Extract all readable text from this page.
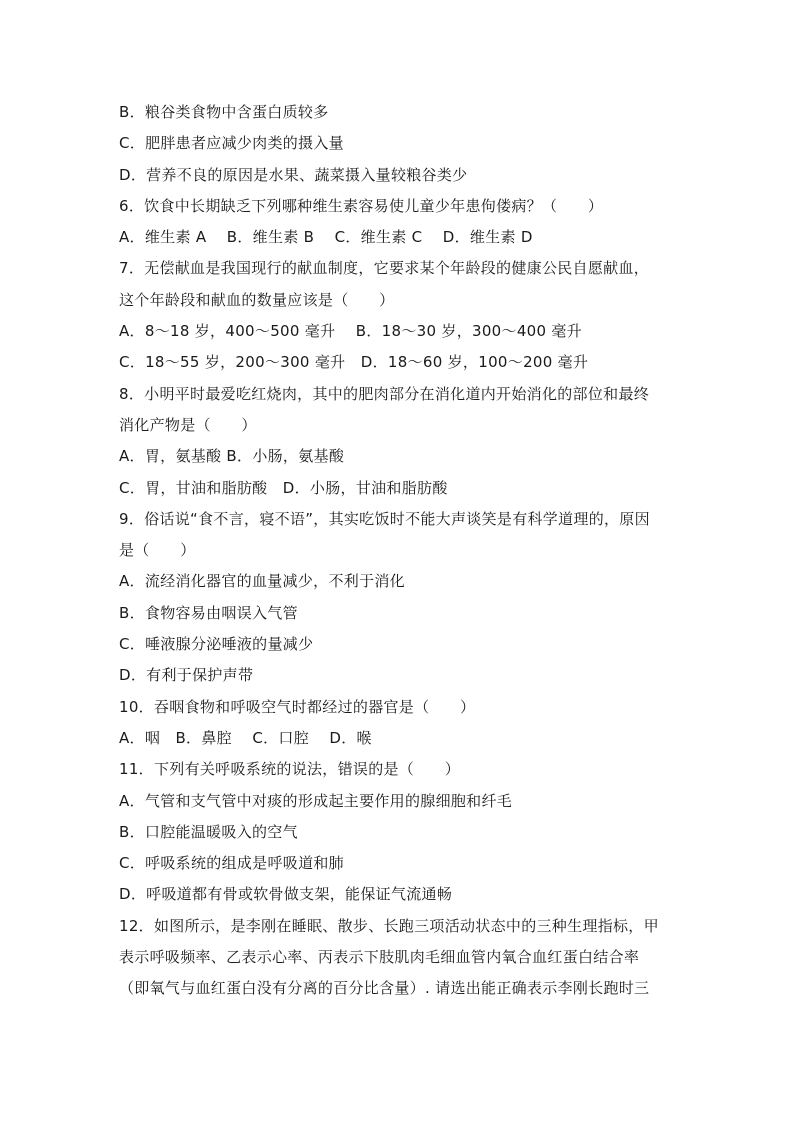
B．粮谷类食物中含蛋白质较多
C．肥胖患者应减少肉类的摄入量
D．营养不良的原因是水果、蔬菜摄入量较粮谷类少
6．饮食中长期缺乏下列哪种维生素容易使儿童少年患佝偻病？（　　）
A．维生素 A　 B．维生素 B　 C．维生素 C　 D．维生素 D
7．无偿献血是我国现行的献血制度，它要求某个年龄段的健康公民自愿献血，
这个年龄段和献血的数量应该是（　　）
A．8～18 岁，400～500 毫升　 B．18～30 岁，300～400 毫升
C．18～55 岁，200～300 毫升　D．18～60 岁，100～200 毫升
8．小明平时最爱吃红烧肉，其中的肥肉部分在消化道内开始消化的部位和最终
消化产物是（　　）
A．胃，氨基酸 B．小肠，氨基酸
C．胃，甘油和脂肪酸　D．小肠，甘油和脂肪酸
9．俗话说“食不言，寝不语”，其实吃饭时不能大声谈笑是有科学道理的，原因
是（　　）
A．流经消化器官的血量减少，不利于消化
B．食物容易由咽误入气管
C．唾液腺分泌唾液的量减少
D．有利于保护声带
10．吞咽食物和呼吸空气时都经过的器官是（　　）
A．咽　B．鼻腔　 C．口腔　 D．喉
11．下列有关呼吸系统的说法，错误的是（　　）
A．气管和支气管中对痰的形成起主要作用的腺细胞和纤毛
B．口腔能温暖吸入的空气
C．呼吸系统的组成是呼吸道和肺
D．呼吸道都有骨或软骨做支架，能保证气流通畅
12．如图所示，是李刚在睡眠、散步、长跑三项活动状态中的三种生理指标，甲
表示呼吸频率、乙表示心率、丙表示下肢肌肉毛细血管内氧合血红蛋白结合率
（即氧气与血红蛋白没有分离的百分比含量）. 请选出能正确表示李刚长跑时三
